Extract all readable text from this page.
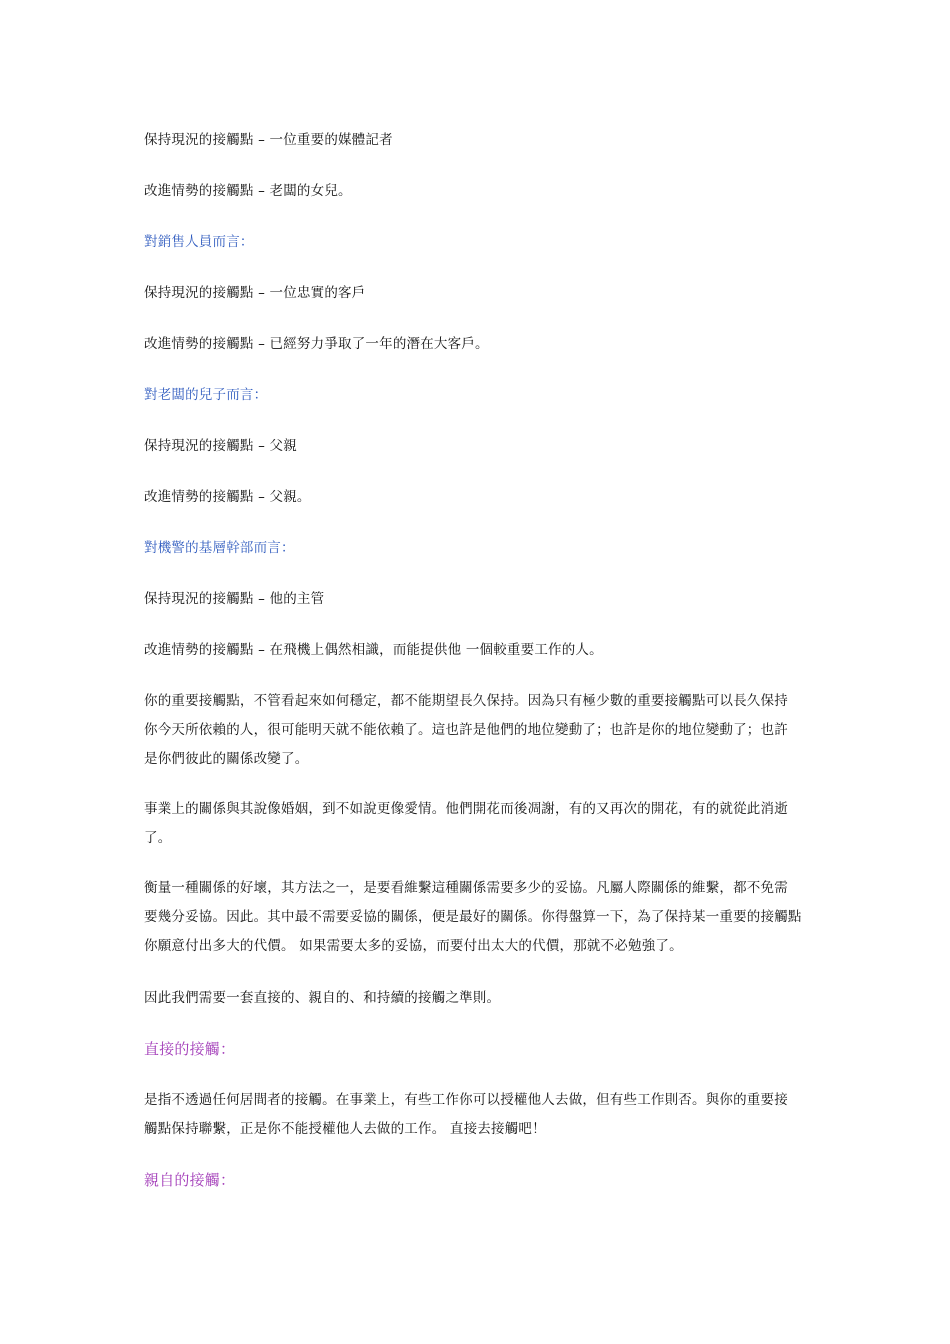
保持現況的接觸點 – 一位重要的媒體記者
改進情勢的接觸點 – 老闆的女兒。
對銷售人員而言：
保持現況的接觸點 – 一位忠實的客戶
改進情勢的接觸點 – 已經努力爭取了一年的潛在大客戶。
對老闆的兒子而言：
保持現況的接觸點 – 父親
改進情勢的接觸點 – 父親。
對機警的基層幹部而言：
保持現況的接觸點 – 他的主管
改進情勢的接觸點 – 在飛機上偶然相識，而能提供他 一個較重要工作的人。
你的重要接觸點，不管看起來如何穩定，都不能期望長久保持。因為只有極少數的重要接觸點可以長久保持
你今天所依賴的人，很可能明天就不能依賴了。這也許是他們的地位變動了；也許是你的地位變動了；也許
是你們彼此的關係改變了。
事業上的關係與其說像婚姻，到不如說更像愛情。他們開花而後凋謝，有的又再次的開花，有的就從此消逝
了。
衡量一種關係的好壞，其方法之一，是要看維繫這種關係需要多少的妥協。凡屬人際關係的維繫，都不免需
要幾分妥協。因此。其中最不需要妥協的關係，便是最好的關係。你得盤算一下，為了保持某一重要的接觸點
你願意付出多大的代價。 如果需要太多的妥協，而要付出太大的代價，那就不必勉強了。
因此我們需要一套直接的、親自的、和持續的接觸之準則。
直接的接觸：
是指不透過任何居間者的接觸。在事業上，有些工作你可以授權他人去做，但有些工作則否。與你的重要接
觸點保持聯繫，正是你不能授權他人去做的工作。 直接去接觸吧！
親自的接觸：
